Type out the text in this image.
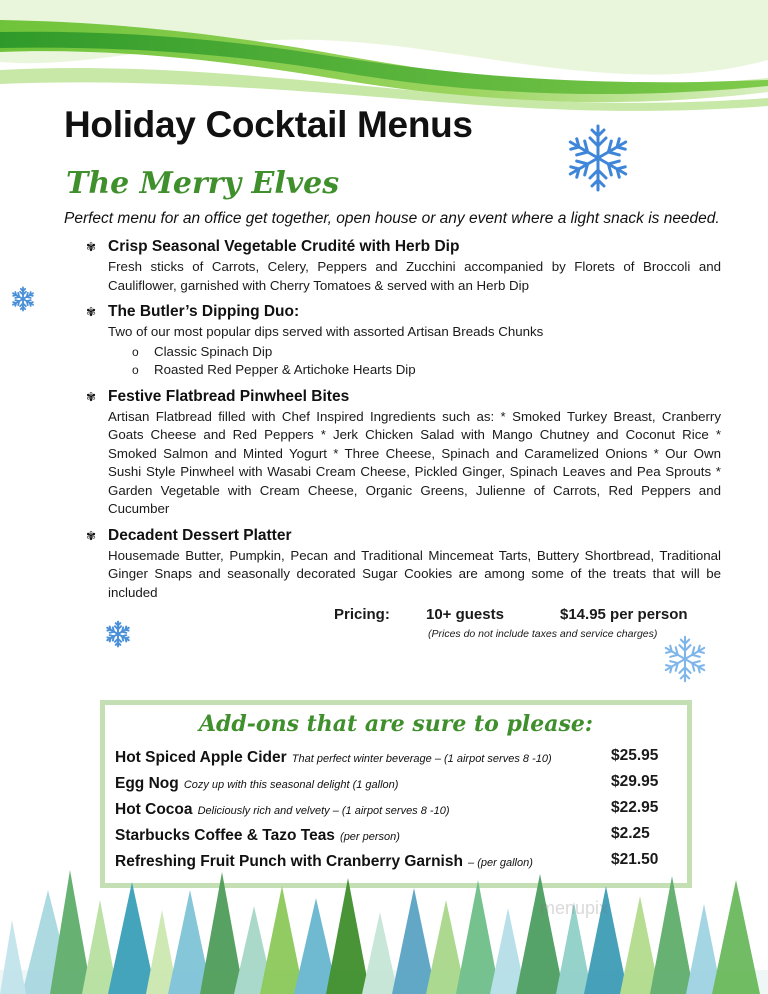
Holiday Cocktail Menus
The Merry Elves

Perfect menu for an office get together, open house or any event where a light snack is needed.

✾ Crisp Seasonal Vegetable Crudité with Herb Dip
Fresh sticks of Carrots, Celery, Peppers and Zucchini accompanied by Florets of Broccoli and Cauliflower, garnished with Cherry Tomatoes & served with an Herb Dip
✾ The Butler’s Dipping Duo:
Two of our most popular dips served with assorted Artisan Breads Chunks
o	Classic Spinach Dip
o	Roasted Red Pepper & Artichoke Hearts Dip
✾ Festive Flatbread Pinwheel Bites
Artisan Flatbread filled with Chef Inspired Ingredients such as: * Smoked Turkey Breast, Cranberry Goats Cheese and Red Peppers * Jerk Chicken Salad with Mango Chutney and Coconut Rice * Smoked Salmon and Minted Yogurt * Three Cheese, Spinach and Caramelized Onions * Our Own Sushi Style Pinwheel with Wasabi Cream Cheese, Pickled Ginger, Spinach Leaves and Pea Sprouts * Garden Vegetable with Cream Cheese, Organic Greens, Julienne of Carrots, Red Peppers and Cucumber
✾ Decadent Dessert Platter
Housemade Butter, Pumpkin, Pecan and Traditional Mincemeat Tarts, Buttery Shortbread, Traditional Ginger Snaps and seasonally decorated Sugar Cookies are among some of the treats that will be included
Pricing: 10+ guests	$14.95 per person
(Prices do not include taxes and service charges)
Add-ons that are sure to please:
Hot Spiced Apple Cider That perfect winter beverage – (1 airpot serves 8 -10)	$25.95
Egg Nog Cozy up with this seasonal delight (1 gallon)	$29.95
Hot Cocoa Deliciously rich and velvety – (1 airpot serves 8 -10)	$22.95
Starbucks Coffee & Tazo Teas (per person)	$2.25
Refreshing Fruit Punch with Cranberry Garnish – (per gallon)	$21.50
menupix
